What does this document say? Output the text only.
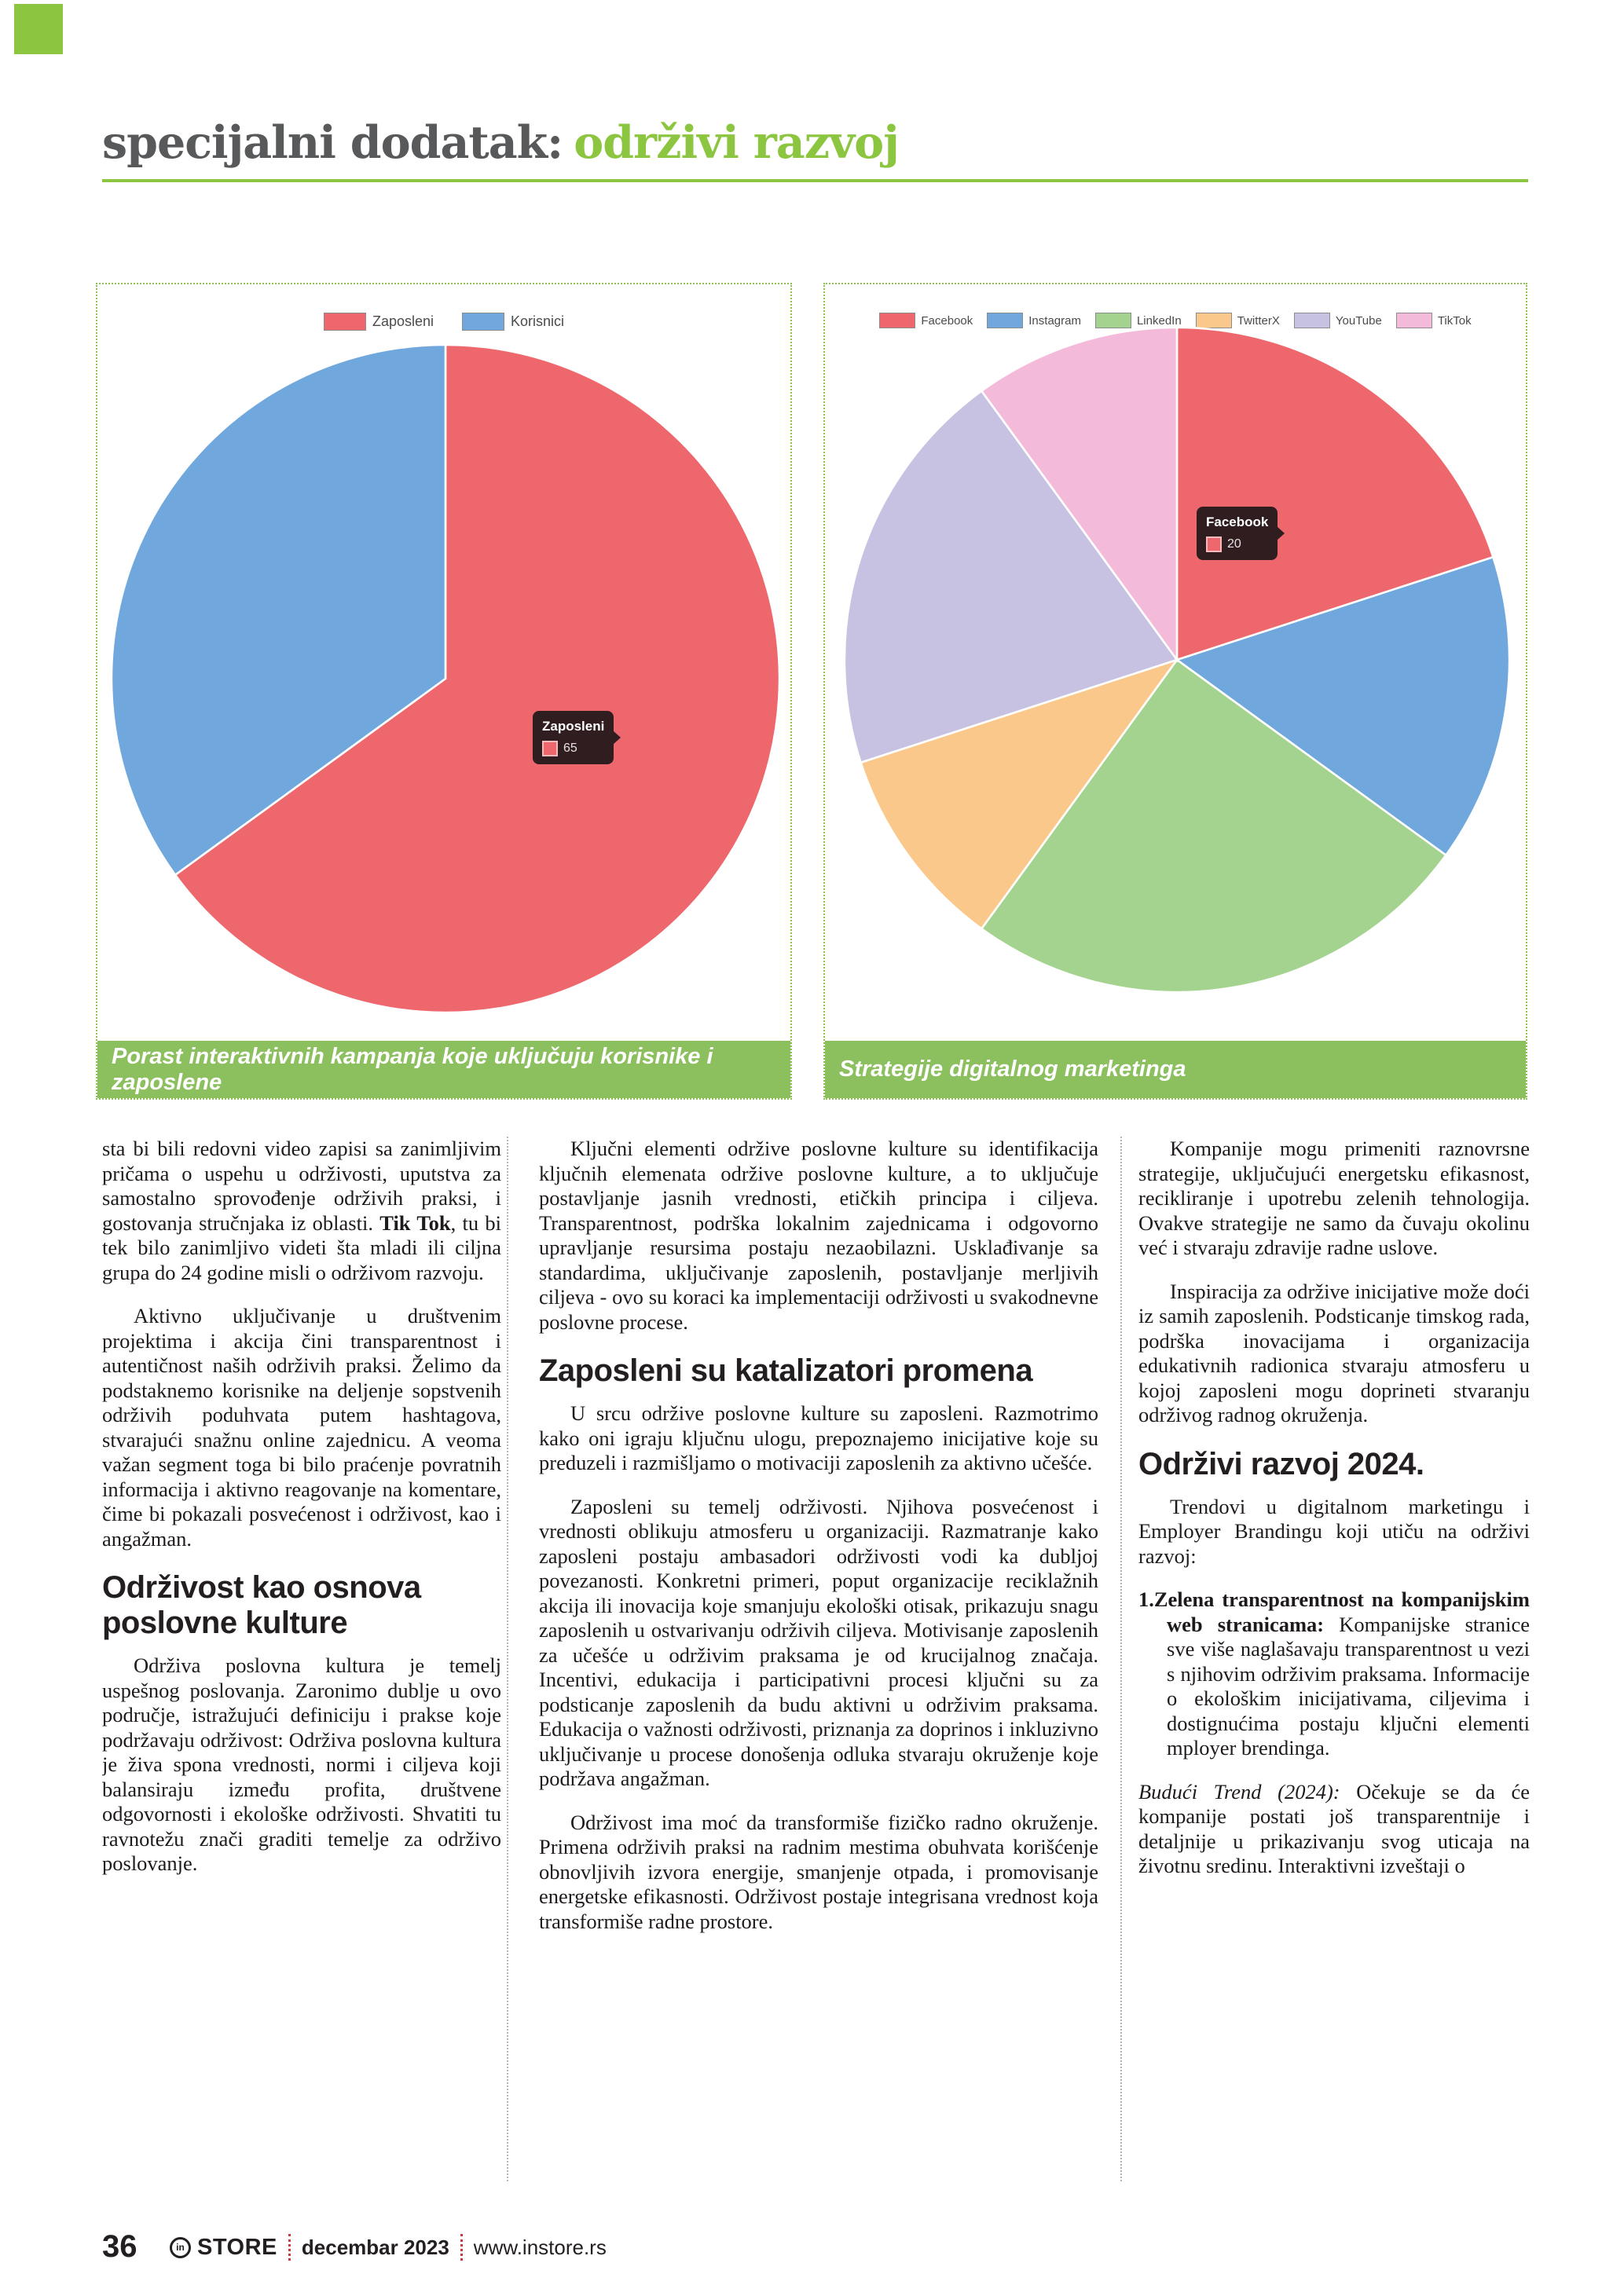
specijalni dodatak: održivi razvoj
Zaposleni	Korisnici
Zaposleni
65
Porast interaktivnih kampanja koje uključuju korisnike i zaposlene
Facebook	Instagram	LinkedIn	TwitterX	YouTube	TikTok
Facebook
20
Strategije digitalnog marketinga

sta bi bili redovni video zapisi sa zanimljivim pričama o uspehu u održivosti, uputstva za samostalno sprovođenje održivih praksi, i gostovanja stručnjaka iz oblasti. Tik Tok, tu bi tek bilo zanimljivo videti šta mladi ili ciljna grupa do 24 godine misli o održivom razvoju.

Aktivno uključivanje u društvenim projektima i akcija čini transparentnost i autentičnost naših održivih praksi. Želimo da podstaknemo korisnike na deljenje sopstvenih održivih poduhvata putem hashtagova, stvarajući snažnu online zajednicu. A veoma važan segment toga bi bilo praćenje povratnih informacija i aktivno reagovanje na komentare, čime bi pokazali posvećenost i održivost, kao i angažman.

Održivost kao osnova poslovne kulture

Održiva poslovna kultura je temelj uspešnog poslovanja. Zaronimo dublje u ovo područje, istražujući definiciju i prakse koje podržavaju održivost: Održiva poslovna kultura je živa spona vrednosti, normi i ciljeva koji balansiraju između profita, društvene odgovornosti i ekološke održivosti. Shvatiti tu ravnotežu znači graditi temelje za održivo poslovanje.

Ključni elementi održive poslovne kulture su identifikacija ključnih elemenata održive poslovne kulture, a to uključuje postavljanje jasnih vrednosti, etičkih principa i ciljeva. Transparentnost, podrška lokalnim zajednicama i odgovorno upravljanje resursima postaju nezaobilazni. Usklađivanje sa standardima, uključivanje zaposlenih, postavljanje merljivih ciljeva - ovo su koraci ka implementaciji održivosti u svakodnevne poslovne procese.

Zaposleni su katalizatori promena

U srcu održive poslovne kulture su zaposleni. Razmotrimo kako oni igraju ključnu ulogu, prepoznajemo inicijative koje su preduzeli i razmišljamo o motivaciji zaposlenih za aktivno učešće.

Zaposleni su temelj održivosti. Njihova posvećenost i vrednosti oblikuju atmosferu u organizaciji. Razmatranje kako zaposleni postaju ambasadori održivosti vodi ka dubljoj povezanosti. Konkretni primeri, poput organizacije reciklažnih akcija ili inovacija koje smanjuju ekološki otisak, prikazuju snagu zaposlenih u ostvarivanju održivih ciljeva. Motivisanje zaposlenih za učešće u održivim praksama je od krucijalnog značaja. Incentivi, edukacija i participativni procesi ključni su za podsticanje zaposlenih da budu aktivni u održivim praksama. Edukacija o važnosti održivosti, priznanja za doprinos i inkluzivno uključivanje u procese donošenja odluka stvaraju okruženje koje podržava angažman.

Održivost ima moć da transformiše fizičko radno okruženje. Primena održivih praksi na radnim mestima obuhvata korišćenje obnovljivih izvora energije, smanjenje otpada, i promovisanje energetske efikasnosti. Održivost postaje integrisana vrednost koja transformiše radne prostore.

Kompanije mogu primeniti raznovrsne strategije, uključujući energetsku efikasnost, recikliranje i upotrebu zelenih tehnologija. Ovakve strategije ne samo da čuvaju okolinu već i stvaraju zdravije radne uslove.

Inspiracija za održive inicijative može doći iz samih zaposlenih. Podsticanje timskog rada, podrška inovacijama i organizacija edukativnih radionica stvaraju atmosferu u kojoj zaposleni mogu doprineti stvaranju održivog radnog okruženja.

Održivi razvoj 2024.

Trendovi u digitalnom marketingu i Employer Brandingu koji utiču na održivi razvoj:

1.Zelena transparentnost na kompanijskim web stranicama: Kompanijske stranice sve više naglašavaju transparentnost u vezi s njihovim održivim praksama. Informacije o ekološkim inicijativama, ciljevima i dostignućima postaju ključni elementi mployer brendinga.

Budući Trend (2024): Očekuje se da će kompanije postati još transparentnije i detaljnije u prikazivanju svog uticaja na životnu sredinu. Interaktivni izveštaji o

36	in STORE decembar 2023 www.instore.rs
